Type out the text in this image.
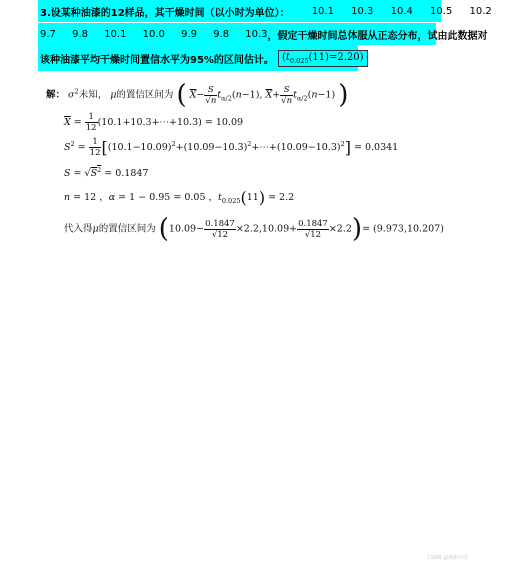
3.设某种油漆的12样品，其干燥时间（以小时为单位）： 10.1 10.3 10.4 10.5 10.2
9.7 9.8 10.1 10.0 9.9 9.8 10.3 ，假定干燥时间总体服从正态分布，试由此数据对
该种油漆平均干燥时间置信水平为95%的区间估计。 $(t_{0.025}(11)=2.20)$
解： $\sigma^2$未知， μ的置信区间为 ( $\overline{X}- \frac{S}{√n} t_{\alpha/2}(n-1)$, $\overline{X}+ \frac{S}{√n} t_{\alpha/2}(n-1)$ )
$\overline{X} = \frac{1}{12}$ (10.1+10.3+⋯+10.3) = 10.09
$S^2 = \frac{1}{12}$ $[(10.1-10.09)^2+(10.09-10.3)^2+\cdots+(10.09-10.3)^2] = 0.0341$
$S = √S^2 = 0.1847$
n = 12 ，α = 1 − 0.95 = 0.05 ，$t_{0.025}(11) = 2.2$
代入得μ的置信区间为 $(10.09- \frac{0.1847}{√12} \times 2.2,10.09+ \frac{0.1847}{√12} \times 2.2)= (9.973,10.207)$
CSDN @粥粥不停
